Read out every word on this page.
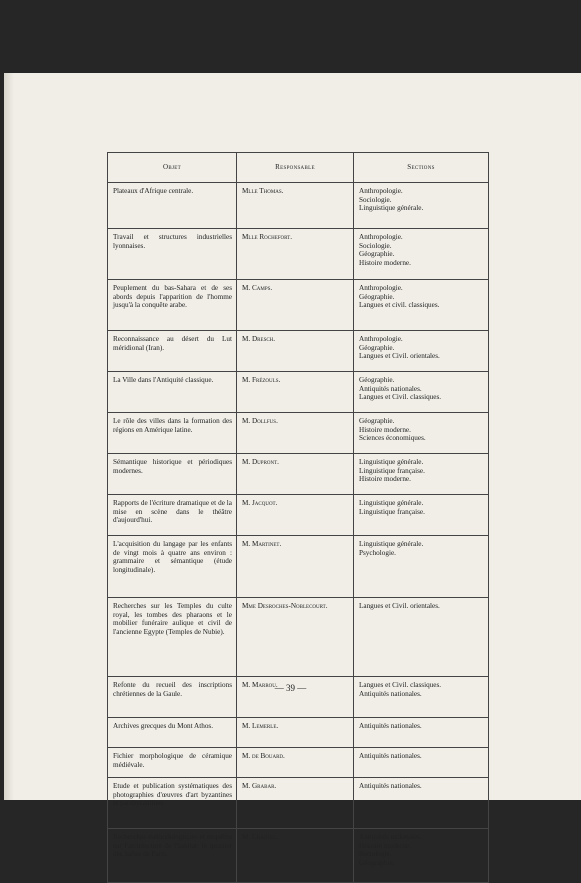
Objet	Responsable	Sections
Plateaux d'Afrique centrale.	Mlle Thomas.	Anthropologie.
Sociologie.
Linguistique générale.

Travail et structures industrielles lyonnaises.	Mlle Rochefort.	Anthropologie.
Sociologie.
Géographie.
Histoire moderne.

Peuplement du bas-Sahara et de ses abords depuis l'apparition de l'homme jusqu'à la conquête arabe.	M. Camps.	Anthropologie.
Géographie.
Langues et civil. classiques.

Reconnaissance au désert du Lut méridional (Iran).	M. Dresch.	Anthropologie.
Géographie.
Langues et Civil. orientales.

La Ville dans l'Antiquité classique.	M. Frézouls.	Géographie.
Antiquités nationales.
Langues et Civil. classiques.

Le rôle des villes dans la formation des régions en Amérique latine.	M. Dollfus.	Géographie.
Histoire moderne.
Sciences économiques.

Sémantique historique et périodiques modernes.	M. Dupront.	Linguistique générale.
Linguistique française.
Histoire moderne.

Rapports de l'écriture dramatique et de la mise en scène dans le théâtre d'aujourd'hui.	M. Jacquot.	Linguistique générale.
Linguistique française.

L'acquisition du langage par les enfants de vingt mois à quatre ans environ : grammaire et sémantique (étude longitudinale).	M. Martinet.	Linguistique générale.
Psychologie.

Recherches sur les Temples du culte royal, les tombes des pharaons et le mobilier funéraire aulique et civil de l'ancienne Egypte (Temples de Nubie).	Mme Desroches-Noblecourt.	Langues et Civil. orientales.

Refonte du recueil des inscriptions chrétiennes de la Gaule.	M. Marrou.	Langues et Civil. classiques.
Antiquités nationales.

Archives grecques du Mont Athos.	M. Lemerle.	Antiquités nationales.

Fichier morphologique de céramique médiévale.	M. de Bouard.	Antiquités nationales.

Etude et publication systématiques des photographies d'œuvres d'art byzantines et parabyzantines.	M. Grabar.	Antiquités nationales.

Recherches méthodologiques et enquêtes sur l'architecture de l'habitat; le quartier des halles de Paris.	M. Chastel.	Antiquités nationales.
Histoire moderne.
Sociologie.
Géographie.
— 39 —
